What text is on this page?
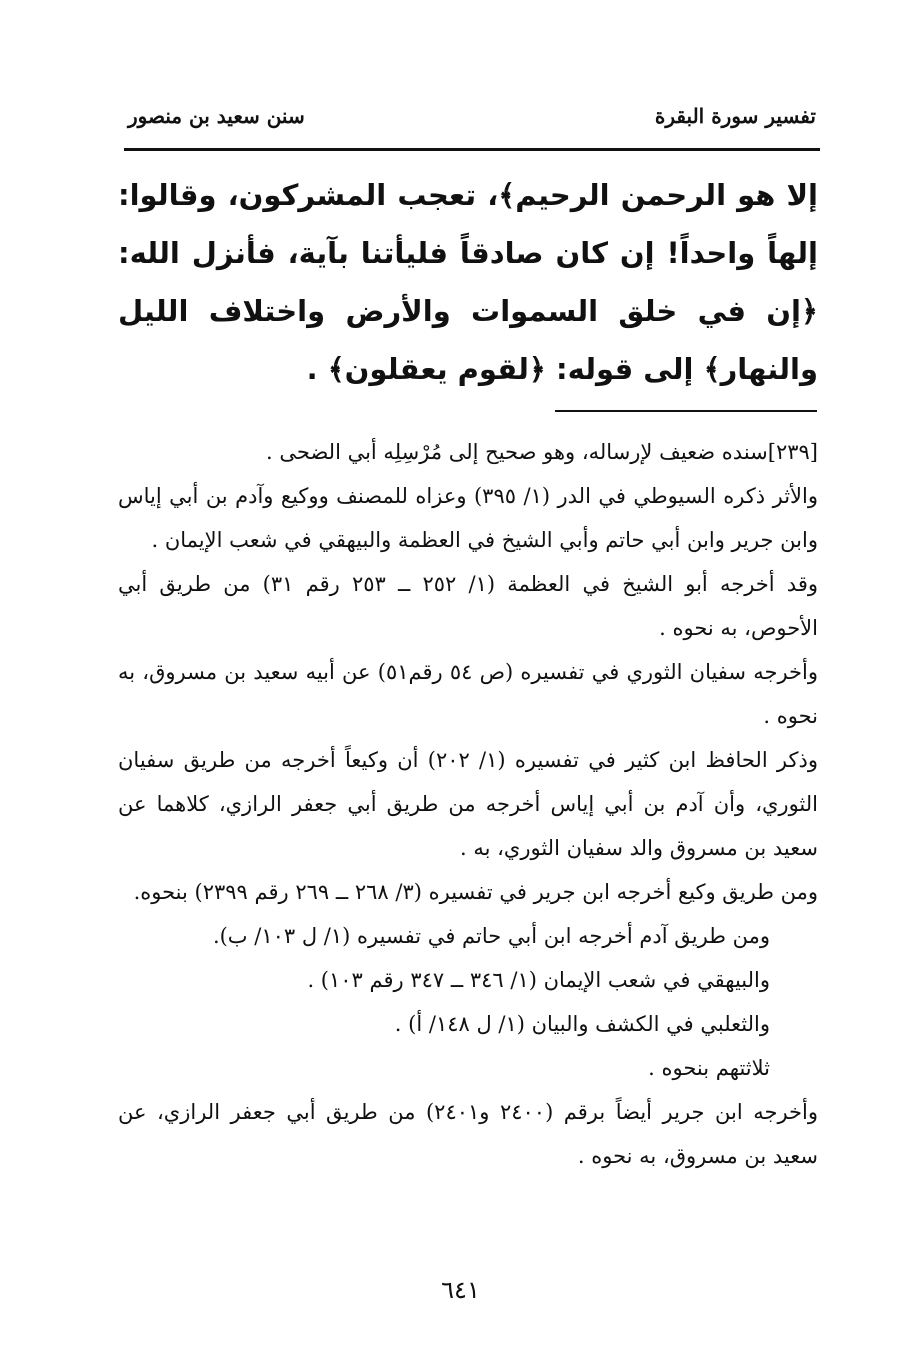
تفسير سورة البقرة
سنن سعيد بن منصور

إلا هو الرحمن الرحيم﴾، تعجب المشركون، وقالوا: إلهاً واحداً! إن كان صادقاً فليأتنا بآية، فأنزل الله: ﴿إن في خلق السموات والأرض واختلاف الليل والنهار﴾ إلى قوله: ﴿لقوم يعقلون﴾ .

[٢٣٩]سنده ضعيف لإرساله، وهو صحيح إلى مُرْسِلِه أبي الضحى .

والأثر ذكره السيوطي في الدر (١/ ٣٩٥) وعزاه للمصنف ووكيع وآدم بن أبي إياس وابن جرير وابن أبي حاتم وأبي الشيخ في العظمة والبيهقي في شعب الإيمان .

وقد أخرجه أبو الشيخ في العظمة (١/ ٢٥٢ ــ ٢٥٣ رقم ٣١) من طريق أبي الأحوص، به نحوه .

وأخرجه سفيان الثوري في تفسيره (ص ٥٤ رقم٥١) عن أبيه سعيد بن مسروق، به نحوه .

وذكر الحافظ ابن كثير في تفسيره (١/ ٢٠٢) أن وكيعاً أخرجه من طريق سفيان الثوري، وأن آدم بن أبي إياس أخرجه من طريق أبي جعفر الرازي، كلاهما عن سعيد بن مسروق والد سفيان الثوري، به .

ومن طريق وكيع أخرجه ابن جرير في تفسيره (٣/ ٢٦٨ ــ ٢٦٩ رقم ٢٣٩٩) بنحوه.

ومن طريق آدم أخرجه ابن أبي حاتم في تفسيره (١/ ل ١٠٣/ ب).

والبيهقي في شعب الإيمان (١/ ٣٤٦ ــ ٣٤٧ رقم ١٠٣) .

والثعلبي في الكشف والبيان (١/ ل ١٤٨/ أ) .

ثلاثتهم بنحوه .

وأخرجه ابن جرير أيضاً برقم (٢٤٠٠ و٢٤٠١) من طريق أبي جعفر الرازي، عن سعيد بن مسروق، به نحوه .

٦٤١
